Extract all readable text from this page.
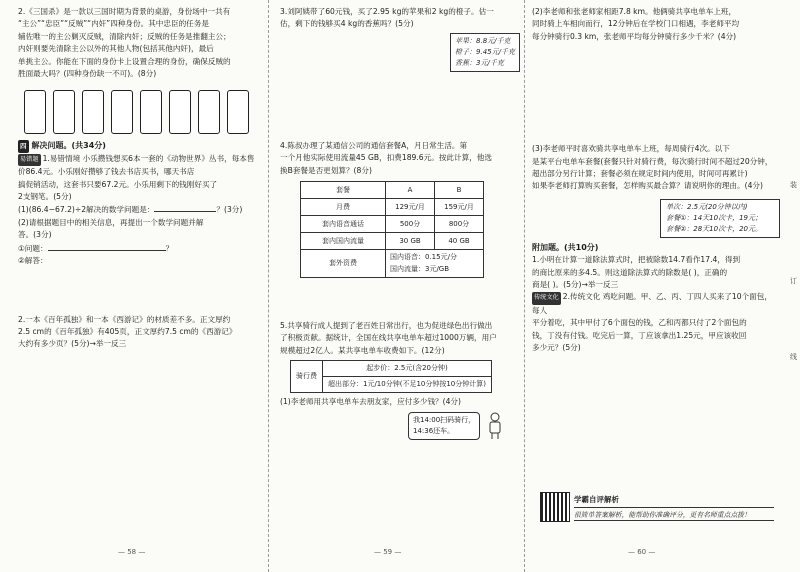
2.《三国杀》是一款以三国时期为背景的桌游，身份场中一共有

“主公”“忠臣”“反贼”“内奸”四种身份。其中忠臣的任务是

辅佐唯一的主公剿灭反贼，清除内奸；反贼的任务是推翻主公；

内奸则要先清除主公以外的其他人物(包括其他内奸)，最后

单挑主公。你能在下面的身份卡上设置合理的身份，确保反贼的

胜面最大吗？(四种身份缺一不可)。(8分)

四 解决问题。(共34分)

易错题 1.易错情境 小乐攒钱想买6本一套的《动物世界》丛书，每本售

价86.4元。小乐刚好攒够了钱去书店买书，哪天书店

搞促销活动，这套书只要67.2元。小乐用剩下的钱刚好买了

2支钢笔。(5分)

(1)(86.4−67.2)÷2解决的数学问题是：	？(3分)

(2)请根据题目中的相关信息，再提出一个数学问题并解

答。(3分)

①问题：	？

②解答：

2.一本《百年孤独》和一本《西游记》的材质差不多。正文厚约

2.5 cm的《百年孤独》有405页，正文厚约7.5 cm的《西游记》

大约有多少页？(5分)→举一反三

3.刘阿姨带了60元钱，买了2.95 kg的苹果和2 kg的橙子。估一

估，剩下的钱够买4 kg的香蕉吗？(5分)

苹果：8.8元/千克
橙子：9.45元/千克
香蕉：3元/千克

4.陈叔办理了某通信公司的通信套餐A，月日常生活。第

一个月他实际使用流量45 GB，扣费189.6元。按此计算，他选

换B套餐是否更划算？(8分)

套餐	A	B
月费	129元/月	159元/月
套内语音通话	500分	800分
套内国内流量	30 GB	40 GB
套外资费	国内语音：0.15元/分
国内流量：3元/GB	

5.共享骑行成人提到了老百姓日常出行，也为促进绿色出行做出

了积极贡献。据统计，全国在线共享电单车超过1000万辆，用户

规模超过2亿人。某共享电单车收费如下。(12分)

骑行费	起步价：2.5元(含20分钟)
超出部分：1元/10分钟(不足10分钟按10分钟计算)

(1)李老师用共享电单车去朋友家，应付多少钱？(4分)

我14:00扫码骑行，
14:36还车。

(2)李老师和张老师家相距7.8 km。他俩骑共享电单车上班，

同时骑上车相向而行，12分钟后在学校门口相遇，李老师平均

每分钟骑行0.3 km，张老师平均每分钟骑行多少千米？(4分)

(3)李老师平时喜欢骑共享电单车上班，每周骑行4次。以下

是某平台电单车套餐(套餐只针对骑行费，每次骑行时间不超过20分钟，

超出部分另行计算；套餐必须在规定时间内使用，时间可再累计)

如果李老师打算购买套餐，怎样购买最合算？请说明你的理由。(4分)

单次：2.5元(20分钟以内)
套餐①：14天10次卡，19元；
套餐②：28天10次卡，20元。

附加题。(共10分)

1.小明在计算一道除法算式时，把被除数14.7看作17.4，得到

的商比原来的多4.5。则这道除法算式的除数是( )，正确的

商是( )。(5分)→举一反三

传统文化 2.传统文化 鸡吃问题。甲、乙、丙、丁四人买来了10个面包，每人

平分着吃，其中甲付了6个面包的钱，乙和丙都只付了2个面包的

钱，丁没有付钱。吃完后一算，丁应该拿出1.25元，甲应该收回

多少元？(5分)

学霸自评解析
很简单答案解析，能帮助你准确评分，更有名师重点点拨！
装
订
线
— 58 —	— 59 —	— 60 —
